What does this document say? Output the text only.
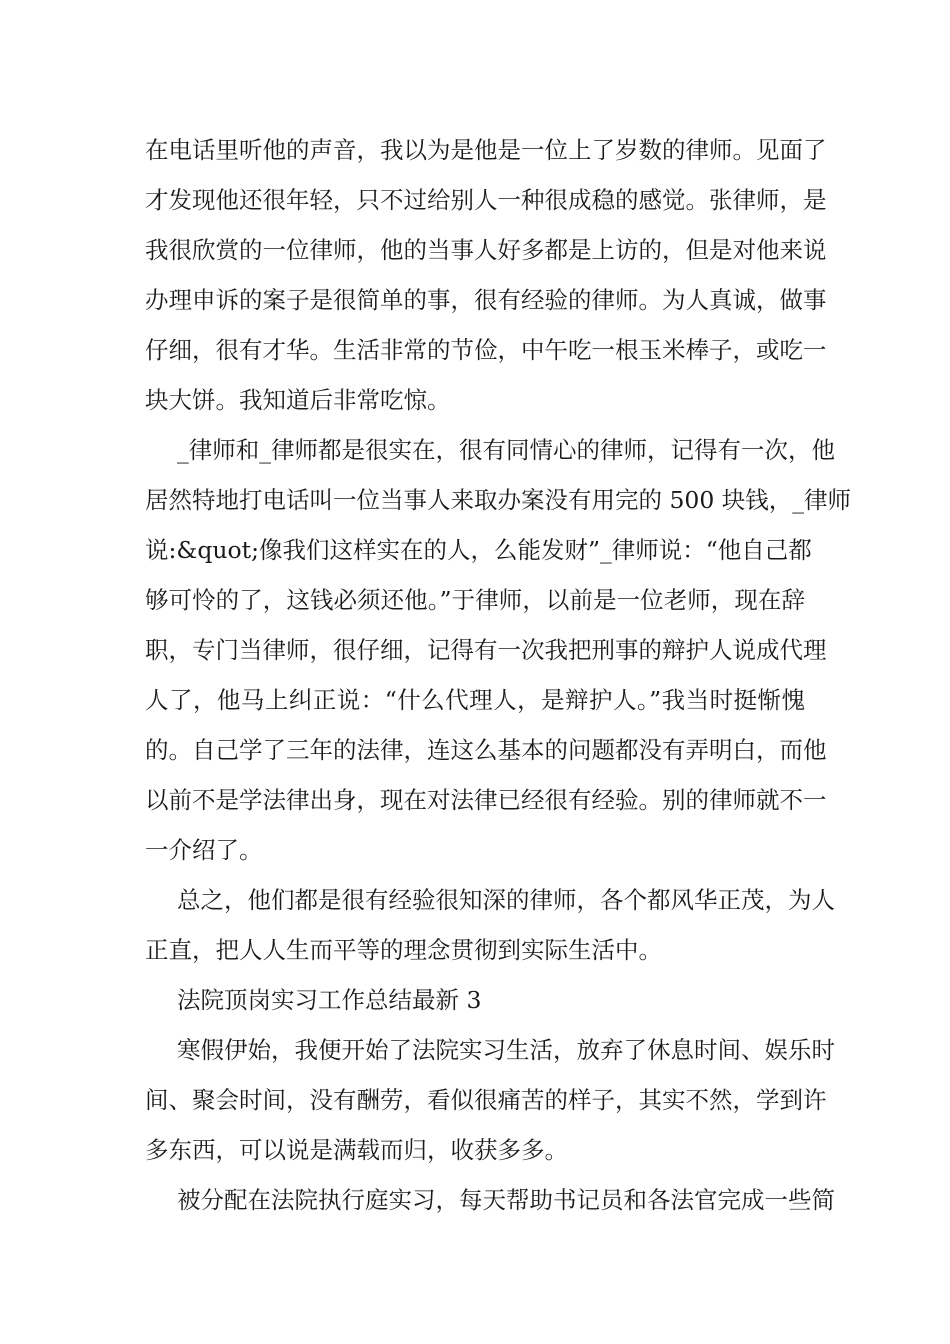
在电话里听他的声音，我以为是他是一位上了岁数的律师。见面了
才发现他还很年轻，只不过给别人一种很成稳的感觉。张律师，是
我很欣赏的一位律师，他的当事人好多都是上访的，但是对他来说
办理申诉的案子是很简单的事，很有经验的律师。为人真诚，做事
仔细，很有才华。生活非常的节俭，中午吃一根玉米棒子，或吃一
块大饼。我知道后非常吃惊。
_律师和_律师都是很实在，很有同情心的律师，记得有一次，他
居然特地打电话叫一位当事人来取办案没有用完的 500 块钱，_律师
说:&quot;像我们这样实在的人，么能发财”_律师说：“他自己都
够可怜的了，这钱必须还他。”于律师，以前是一位老师，现在辞
职，专门当律师，很仔细，记得有一次我把刑事的辩护人说成代理
人了，他马上纠正说：“什么代理人，是辩护人。”我当时挺惭愧
的。自己学了三年的法律，连这么基本的问题都没有弄明白，而他
以前不是学法律出身，现在对法律已经很有经验。别的律师就不一
一介绍了。
总之，他们都是很有经验很知深的律师，各个都风华正茂，为人
正直，把人人生而平等的理念贯彻到实际生活中。
法院顶岗实习工作总结最新 3
寒假伊始，我便开始了法院实习生活，放弃了休息时间、娱乐时
间、聚会时间，没有酬劳，看似很痛苦的样子，其实不然，学到许
多东西，可以说是满载而归，收获多多。
被分配在法院执行庭实习，每天帮助书记员和各法官完成一些简
